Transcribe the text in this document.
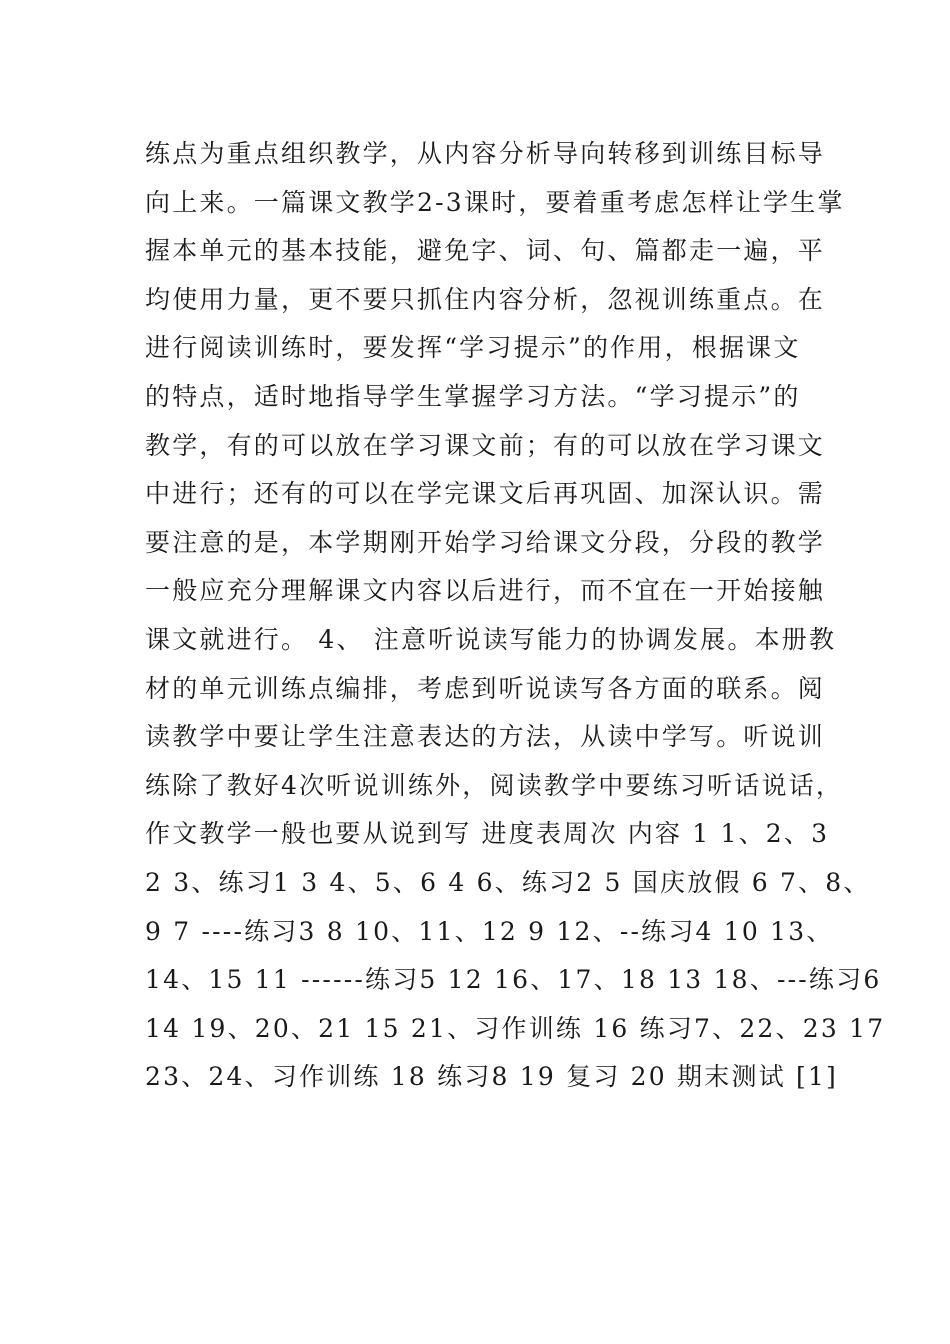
练点为重点组织教学，从内容分析导向转移到训练目标导
向上来。一篇课文教学2-3课时，要着重考虑怎样让学生掌
握本单元的基本技能，避免字、词、句、篇都走一遍，平
均使用力量，更不要只抓住内容分析，忽视训练重点。在
进行阅读训练时，要发挥“学习提示”的作用，根据课文
的特点，适时地指导学生掌握学习方法。“学习提示”的
教学，有的可以放在学习课文前；有的可以放在学习课文
中进行；还有的可以在学完课文后再巩固、加深认识。需
要注意的是，本学期刚开始学习给课文分段，分段的教学
一般应充分理解课文内容以后进行，而不宜在一开始接触
课文就进行。 4、 注意听说读写能力的协调发展。本册教
材的单元训练点编排，考虑到听说读写各方面的联系。阅
读教学中要让学生注意表达的方法，从读中学写。听说训
练除了教好4次听说训练外，阅读教学中要练习听话说话，
作文教学一般也要从说到写 进度表周次 内容 1 1、2、3
2 3、练习1 3 4、5、6 4 6、练习2 5 国庆放假 6 7、8、
9 7 ----练习3 8 10、11、12 9 12、--练习4 10 13、
14、15 11 ------练习5 12 16、17、18 13 18、---练习6
14 19、20、21 15 21、习作训练 16 练习7、22、23 17
23、24、习作训练 18 练习8 19 复习 20 期末测试 [1]
